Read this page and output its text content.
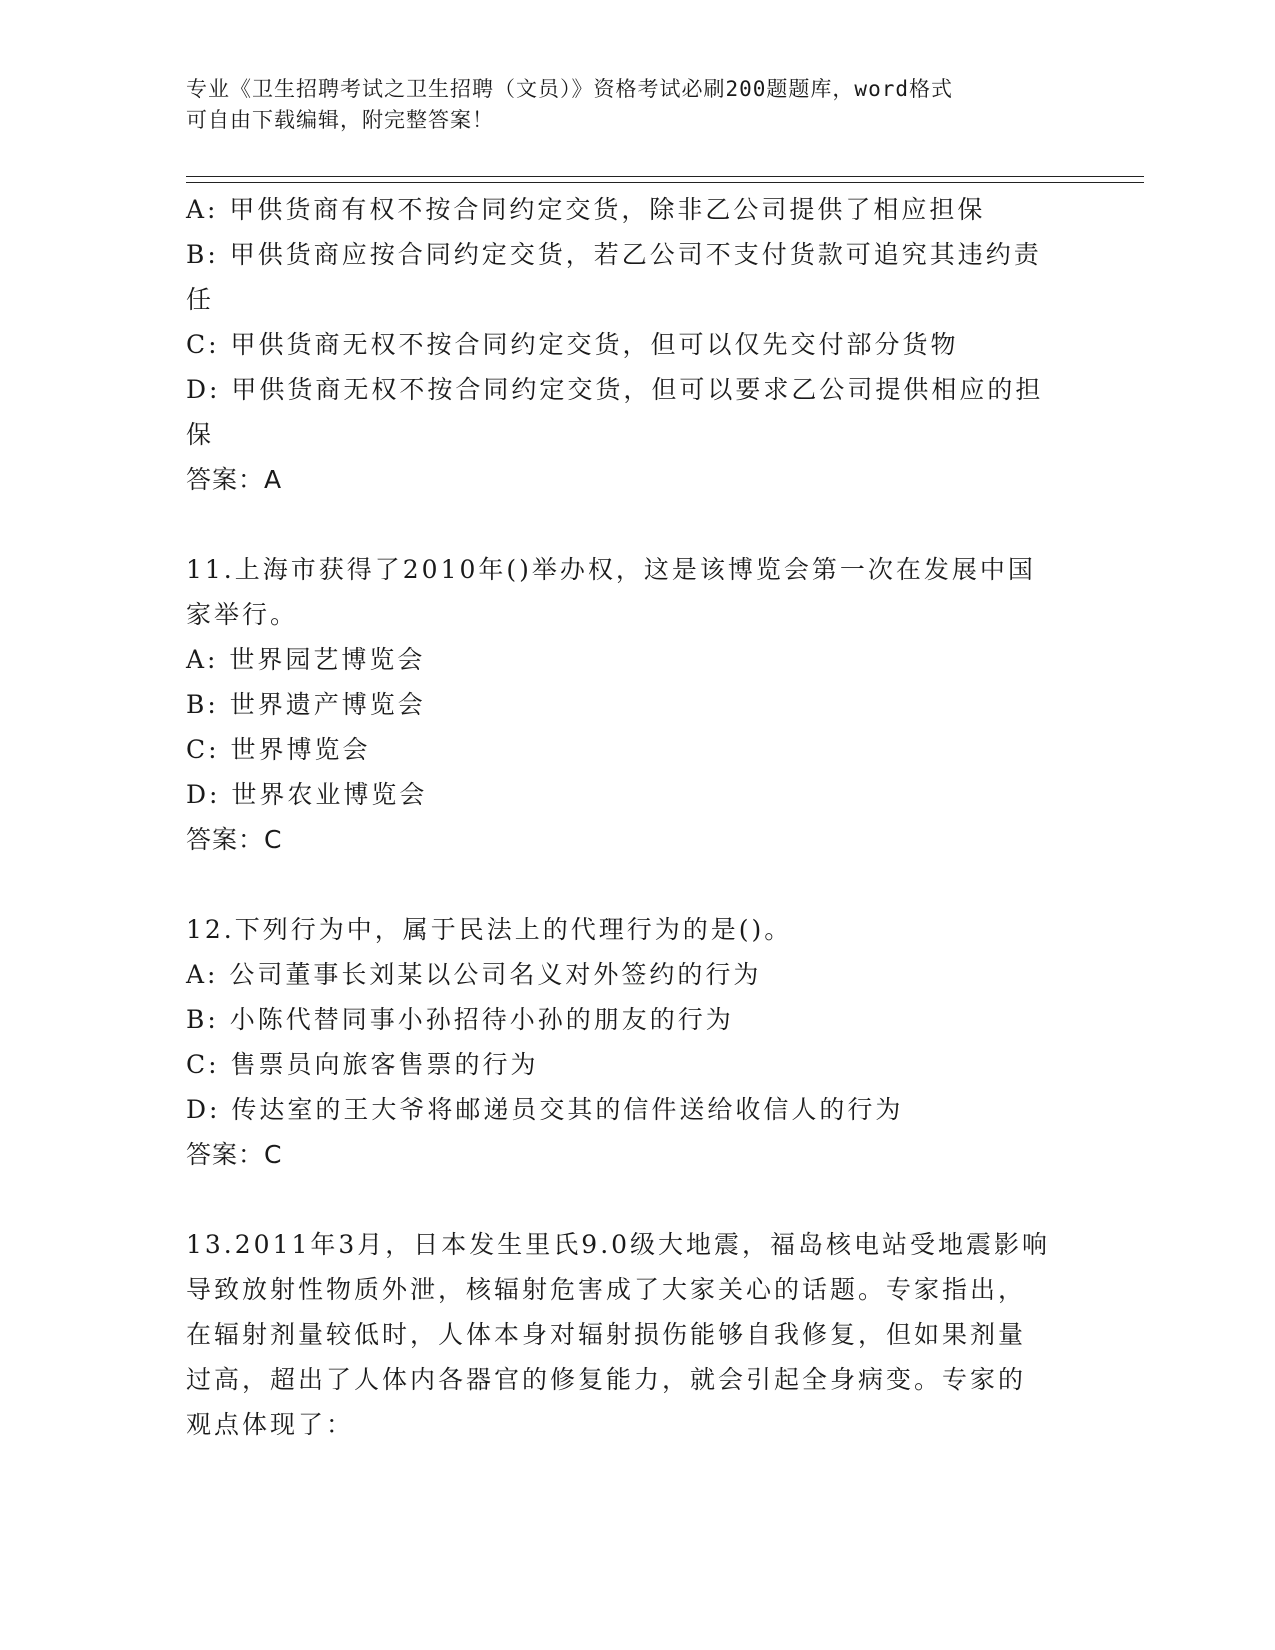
专业《卫生招聘考试之卫生招聘（文员）》资格考试必刷200题题库，word格式
可自由下载编辑，附完整答案！
A: 甲供货商有权不按合同约定交货，除非乙公司提供了相应担保
B: 甲供货商应按合同约定交货，若乙公司不支付货款可追究其违约责
任
C: 甲供货商无权不按合同约定交货，但可以仅先交付部分货物
D: 甲供货商无权不按合同约定交货，但可以要求乙公司提供相应的担
保
答案：A
11.上海市获得了2010年()举办权，这是该博览会第一次在发展中国
家举行。
A: 世界园艺博览会
B: 世界遗产博览会
C: 世界博览会
D: 世界农业博览会
答案：C
12.下列行为中，属于民法上的代理行为的是()。
A: 公司董事长刘某以公司名义对外签约的行为
B: 小陈代替同事小孙招待小孙的朋友的行为
C: 售票员向旅客售票的行为
D: 传达室的王大爷将邮递员交其的信件送给收信人的行为
答案：C
13.2011年3月，日本发生里氏9.0级大地震，福岛核电站受地震影响
导致放射性物质外泄，核辐射危害成了大家关心的话题。专家指出，
在辐射剂量较低时，人体本身对辐射损伤能够自我修复，但如果剂量
过高，超出了人体内各器官的修复能力，就会引起全身病变。专家的
观点体现了：
